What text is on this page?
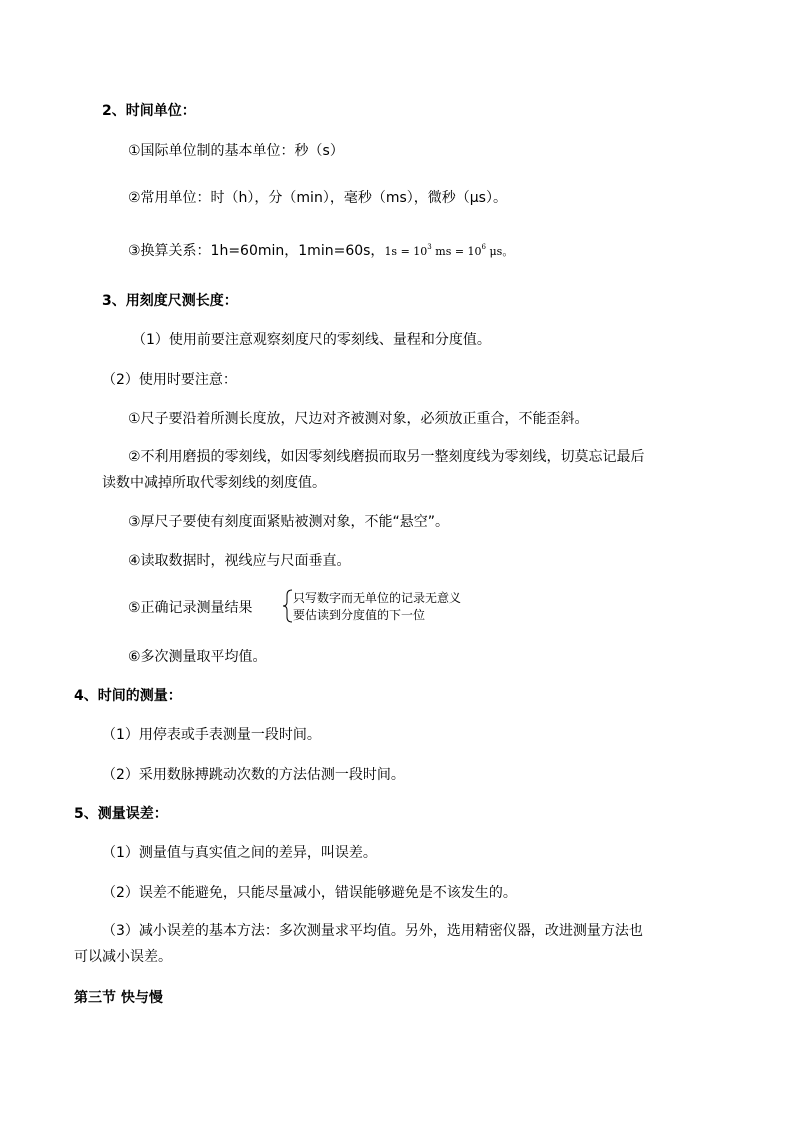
2、时间单位：
①国际单位制的基本单位：秒（s）
②常用单位：时（h），分（min），毫秒（ms），微秒（μs）。
③换算关系：1h=60min，1min=60s，$1s = 10^3$ ms = $10^6$ μs。
3、用刻度尺测长度：
（1）使用前要注意观察刻度尺的零刻线、量程和分度值。
（2）使用时要注意：
①尺子要沿着所测长度放，尺边对齐被测对象，必须放正重合，不能歪斜。
②不利用磨损的零刻线，如因零刻线磨损而取另一整刻度线为零刻线，切莫忘记最后
读数中减掉所取代零刻线的刻度值。
③厚尺子要使有刻度面紧贴被测对象，不能“悬空”。
④读取数据时，视线应与尺面垂直。
⑤正确记录测量结果
只写数字而无单位的记录无意义
要估读到分度值的下一位
⑥多次测量取平均值。
4、时间的测量：
（1）用停表或手表测量一段时间。
（2）采用数脉搏跳动次数的方法估测一段时间。
5、测量误差：
（1）测量值与真实值之间的差异，叫误差。
（2）误差不能避免，只能尽量减小，错误能够避免是不该发生的。
（3）减小误差的基本方法：多次测量求平均值。另外，选用精密仪器，改进测量方法也
可以减小误差。
第三节 快与慢
